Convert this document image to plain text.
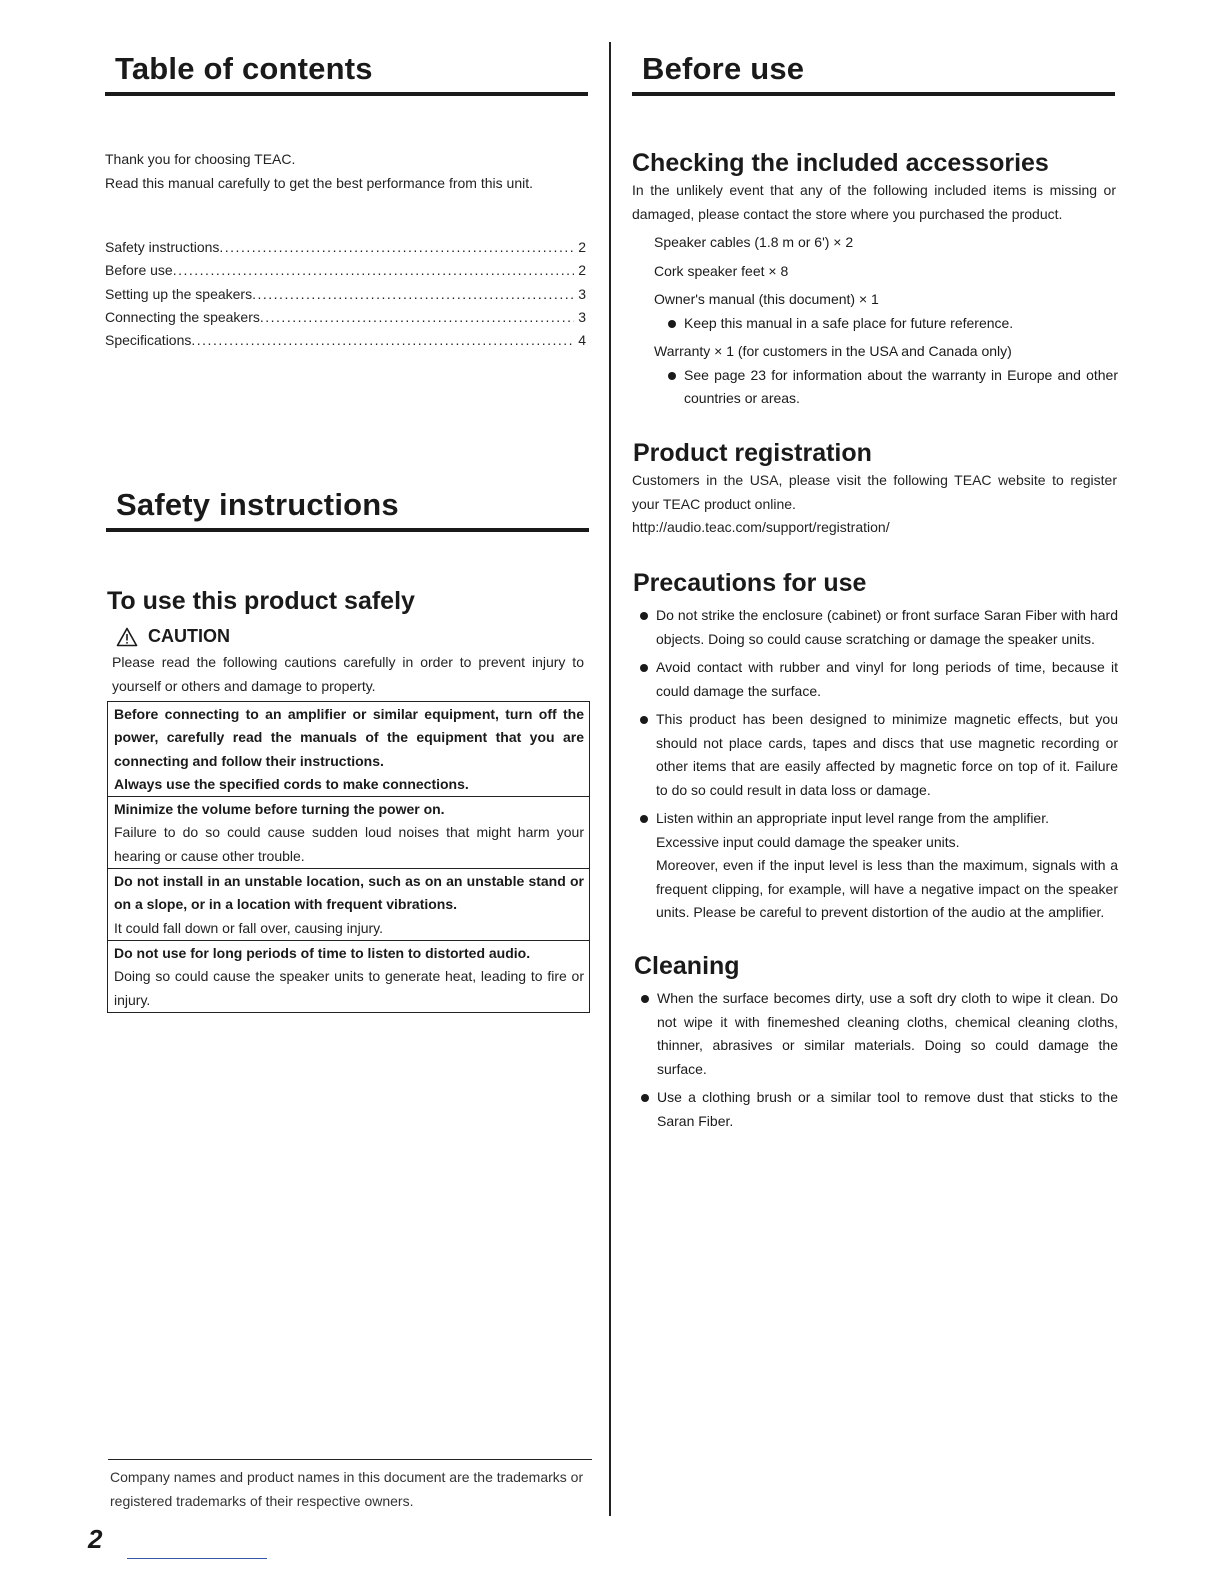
Table of contents
Thank you for choosing TEAC.
Read this manual carefully to get the best performance from this unit.
Safety instructions .....	2
Before use .....	2
Setting up the speakers .....	3
Connecting the speakers .....	3
Specifications .....	4
Safety instructions
To use this product safely
CAUTION
Please read the following cautions carefully in order to prevent injury to yourself or others and damage to property.
Before connecting to an amplifier or similar equipment, turn off the power, carefully read the manuals of the equipment that you are connecting and follow their instructions.
Always use the specified cords to make connections.
Minimize the volume before turning the power on.
Failure to do so could cause sudden loud noises that might harm your hearing or cause other trouble.
Do not install in an unstable location, such as on an unstable stand or on a slope, or in a location with frequent vibrations.
It could fall down or fall over, causing injury.
Do not use for long periods of time to listen to distorted audio.
Doing so could cause the speaker units to generate heat, leading to fire or injury.
Company names and product names in this document are the trademarks or registered trademarks of their respective owners.
2
Before use
Checking the included accessories
In the unlikely event that any of the following included items is missing or damaged, please contact the store where you purchased the product.
Speaker cables (1.8 m or 6') × 2
Cork speaker feet × 8
Owner's manual (this document) × 1
Keep this manual in a safe place for future reference.
Warranty × 1 (for customers in the USA and Canada only)
See page 23 for information about the warranty in Europe and other countries or areas.
Product registration
Customers in the USA, please visit the following TEAC website to register your TEAC product online.
http://audio.teac.com/support/registration/
Precautions for use
Do not strike the enclosure (cabinet) or front surface Saran Fiber with hard objects. Doing so could cause scratching or damage the speaker units.
Avoid contact with rubber and vinyl for long periods of time, because it could damage the surface.
This product has been designed to minimize magnetic effects, but you should not place cards, tapes and discs that use magnetic recording or other items that are easily affected by magnetic force on top of it. Failure to do so could result in data loss or damage.
Listen within an appropriate input level range from the amplifier.
Excessive input could damage the speaker units.
Moreover, even if the input level is less than the maximum, signals with a frequent clipping, for example, will have a negative impact on the speaker units. Please be careful to prevent distortion of the audio at the amplifier.
Cleaning
When the surface becomes dirty, use a soft dry cloth to wipe it clean. Do not wipe it with finemeshed cleaning cloths, chemical cleaning cloths, thinner, abrasives or similar materials. Doing so could damage the surface.
Use a clothing brush or a similar tool to remove dust that sticks to the Saran Fiber.
